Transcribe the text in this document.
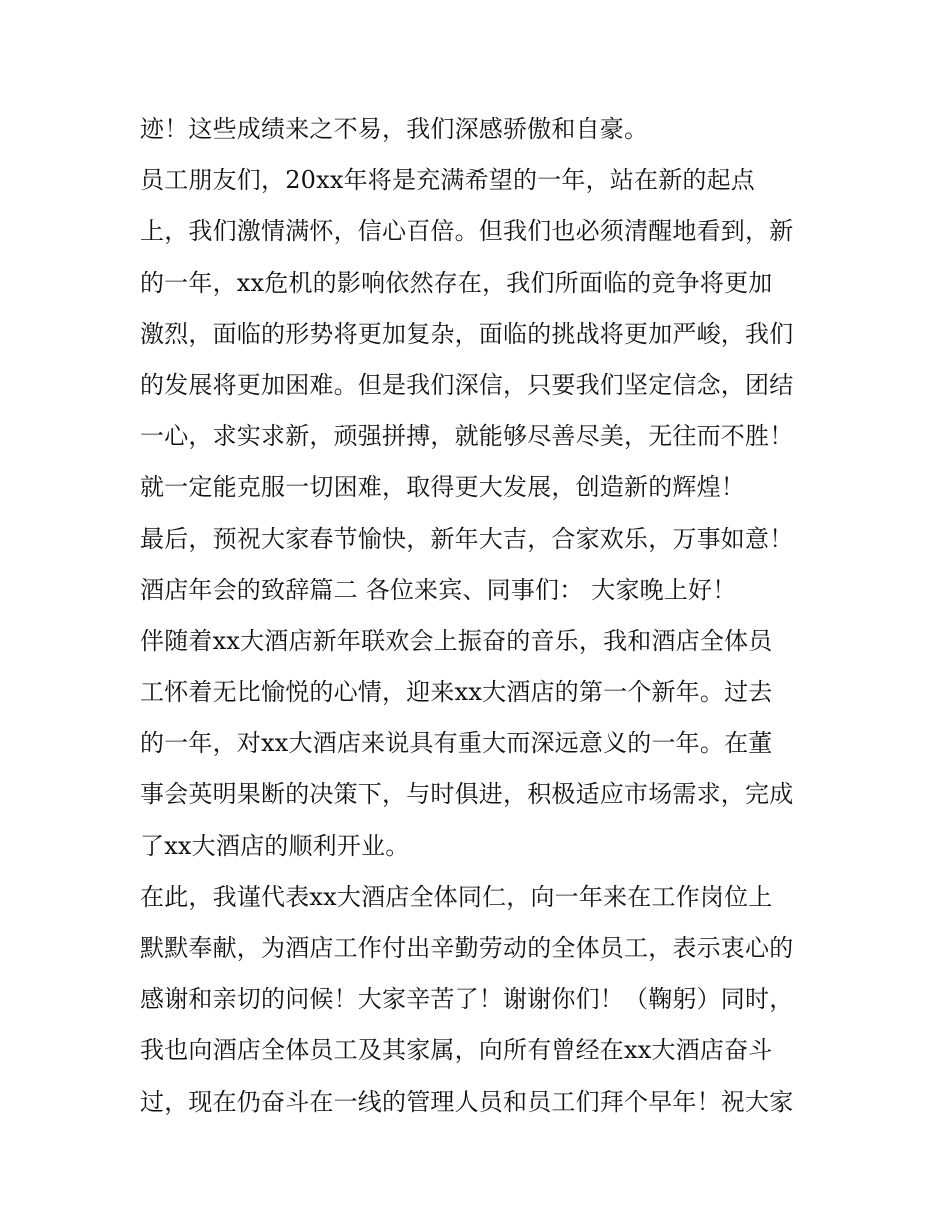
迹！这些成绩来之不易，我们深感骄傲和自豪。
员工朋友们，20xx年将是充满希望的一年，站在新的起点
上，我们激情满怀，信心百倍。但我们也必须清醒地看到，新
的一年，xx危机的影响依然存在，我们所面临的竞争将更加
激烈，面临的形势将更加复杂，面临的挑战将更加严峻，我们
的发展将更加困难。但是我们深信，只要我们坚定信念，团结
一心，求实求新，顽强拼搏，就能够尽善尽美，无往而不胜！
就一定能克服一切困难，取得更大发展，创造新的辉煌！
最后，预祝大家春节愉快，新年大吉，合家欢乐，万事如意！
酒店年会的致辞篇二 各位来宾、同事们： 大家晚上好！
伴随着xx大酒店新年联欢会上振奋的音乐，我和酒店全体员
工怀着无比愉悦的心情，迎来xx大酒店的第一个新年。过去
的一年，对xx大酒店来说具有重大而深远意义的一年。在董
事会英明果断的决策下，与时俱进，积极适应市场需求，完成
了xx大酒店的顺利开业。
在此，我谨代表xx大酒店全体同仁，向一年来在工作岗位上
默默奉献，为酒店工作付出辛勤劳动的全体员工，表示衷心的
感谢和亲切的问候！大家辛苦了！谢谢你们！（鞠躬）同时，
我也向酒店全体员工及其家属，向所有曾经在xx大酒店奋斗
过，现在仍奋斗在一线的管理人员和员工们拜个早年！祝大家
